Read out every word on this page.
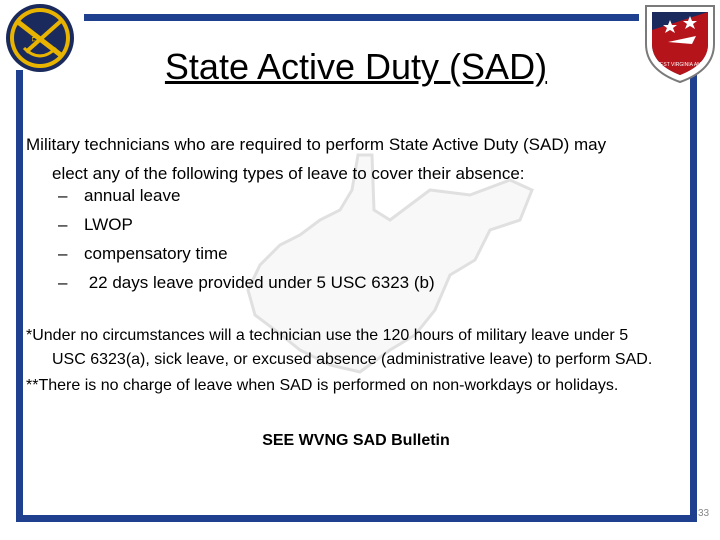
5
WEST VIRGINIA ANG
State Active Duty (SAD)
Military technicians who are required to perform State Active Duty (SAD) may
elect any of the following types of leave to cover their absence:
– annual leave
– LWOP
– compensatory time
– 22 days leave provided under 5 USC 6323 (b)
*Under no circumstances will a technician use the 120 hours of military leave under 5
USC 6323(a), sick leave, or excused absence (administrative leave) to perform SAD.
**There is no charge of leave when SAD is performed on non-workdays or holidays.
SEE WVNG SAD Bulletin
33
